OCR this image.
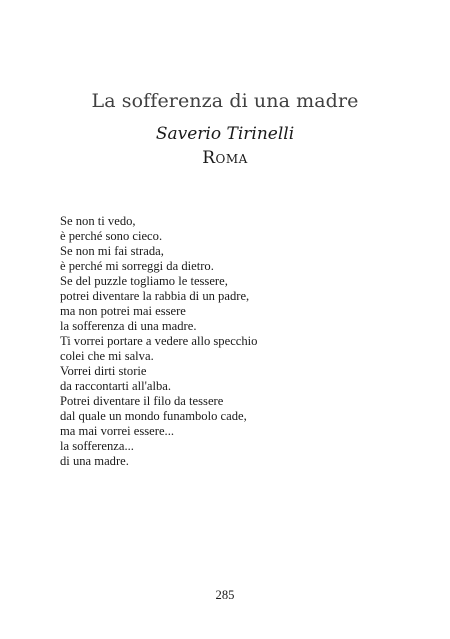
La sofferenza di una madre
Saverio Tirinelli
Roma
Se non ti vedo,
è perché sono cieco.
Se non mi fai strada,
è perché mi sorreggi da dietro.
Se del puzzle togliamo le tessere,
potrei diventare la rabbia di un padre,
ma non potrei mai essere
la sofferenza di una madre.
Ti vorrei portare a vedere allo specchio
colei che mi salva.
Vorrei dirti storie
da raccontarti all'alba.
Potrei diventare il filo da tessere
dal quale un mondo funambolo cade,
ma mai vorrei essere...
la sofferenza...
di una madre.
285
